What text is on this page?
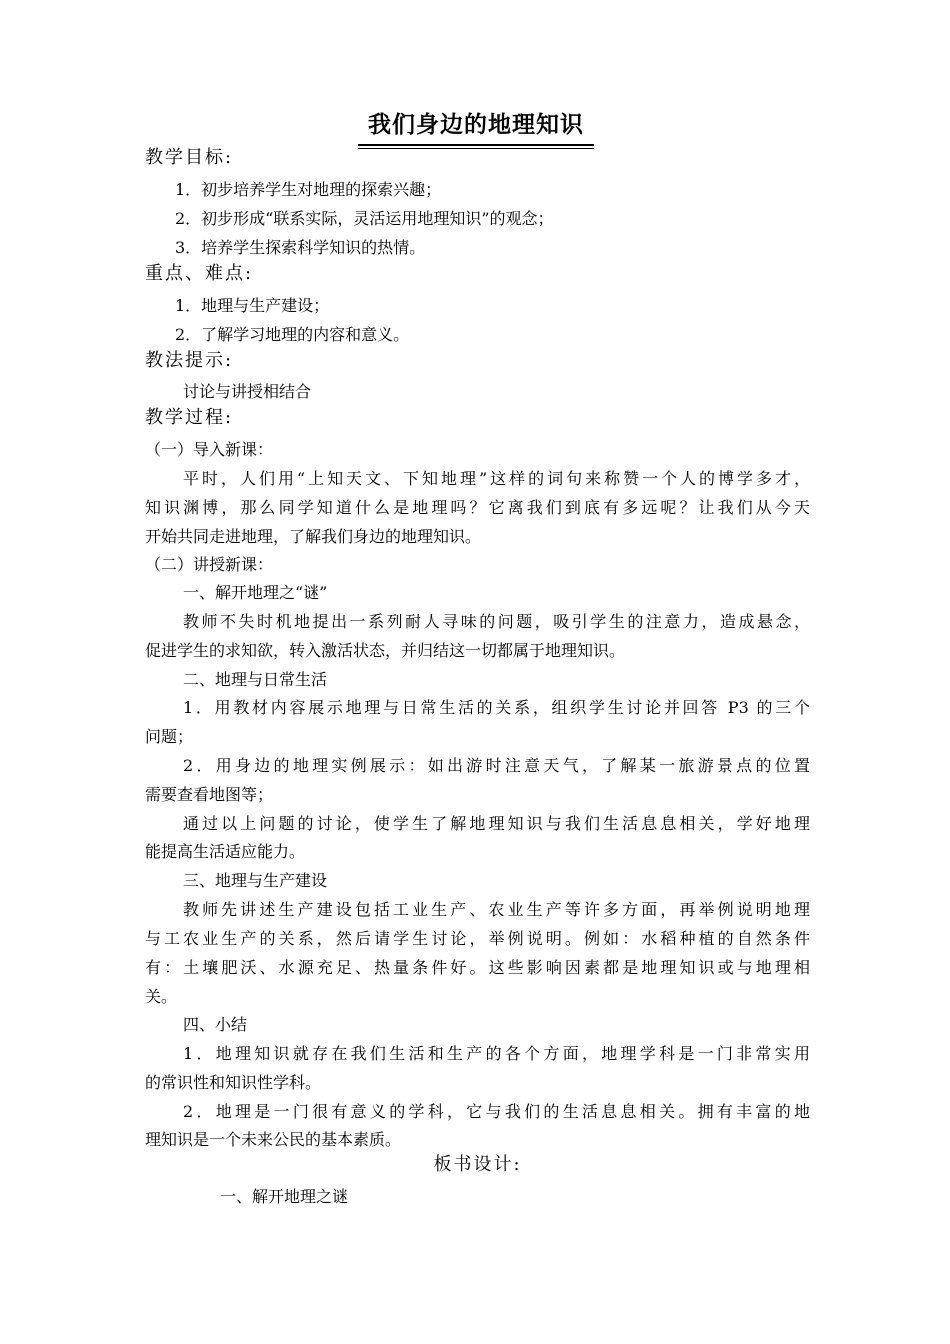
我们身边的地理知识
教学目标:
1．初步培养学生对地理的探索兴趣；
2．初步形成“联系实际，灵活运用地理知识”的观念；
3．培养学生探索科学知识的热情。
重点、难点:
1．地理与生产建设；
2．了解学习地理的内容和意义。
教法提示:
讨论与讲授相结合
教学过程:
（一）导入新课：
平时，人们用“上知天文、下知地理”这样的词句来称赞一个人的博学多才，
知识渊博，那么同学知道什么是地理吗？它离我们到底有多远呢？让我们从今天
开始共同走进地理，了解我们身边的地理知识。
（二）讲授新课：
一、解开地理之“谜”
教师不失时机地提出一系列耐人寻味的问题，吸引学生的注意力，造成悬念，
促进学生的求知欲，转入激活状态，并归结这一切都属于地理知识。
二、地理与日常生活
1．用教材内容展示地理与日常生活的关系，组织学生讨论并回答 P3 的三个
问题；
2．用身边的地理实例展示：如出游时注意天气，了解某一旅游景点的位置
需要查看地图等；
通过以上问题的讨论，使学生了解地理知识与我们生活息息相关，学好地理
能提高生活适应能力。
三、地理与生产建设
教师先讲述生产建设包括工业生产、农业生产等许多方面，再举例说明地理
与工农业生产的关系，然后请学生讨论，举例说明。例如：水稻种植的自然条件
有：土壤肥沃、水源充足、热量条件好。这些影响因素都是地理知识或与地理相
关。
四、小结
1．地理知识就存在我们生活和生产的各个方面，地理学科是一门非常实用
的常识性和知识性学科。
2．地理是一门很有意义的学科，它与我们的生活息息相关。拥有丰富的地
理知识是一个未来公民的基本素质。
板书设计:
一、解开地理之谜
